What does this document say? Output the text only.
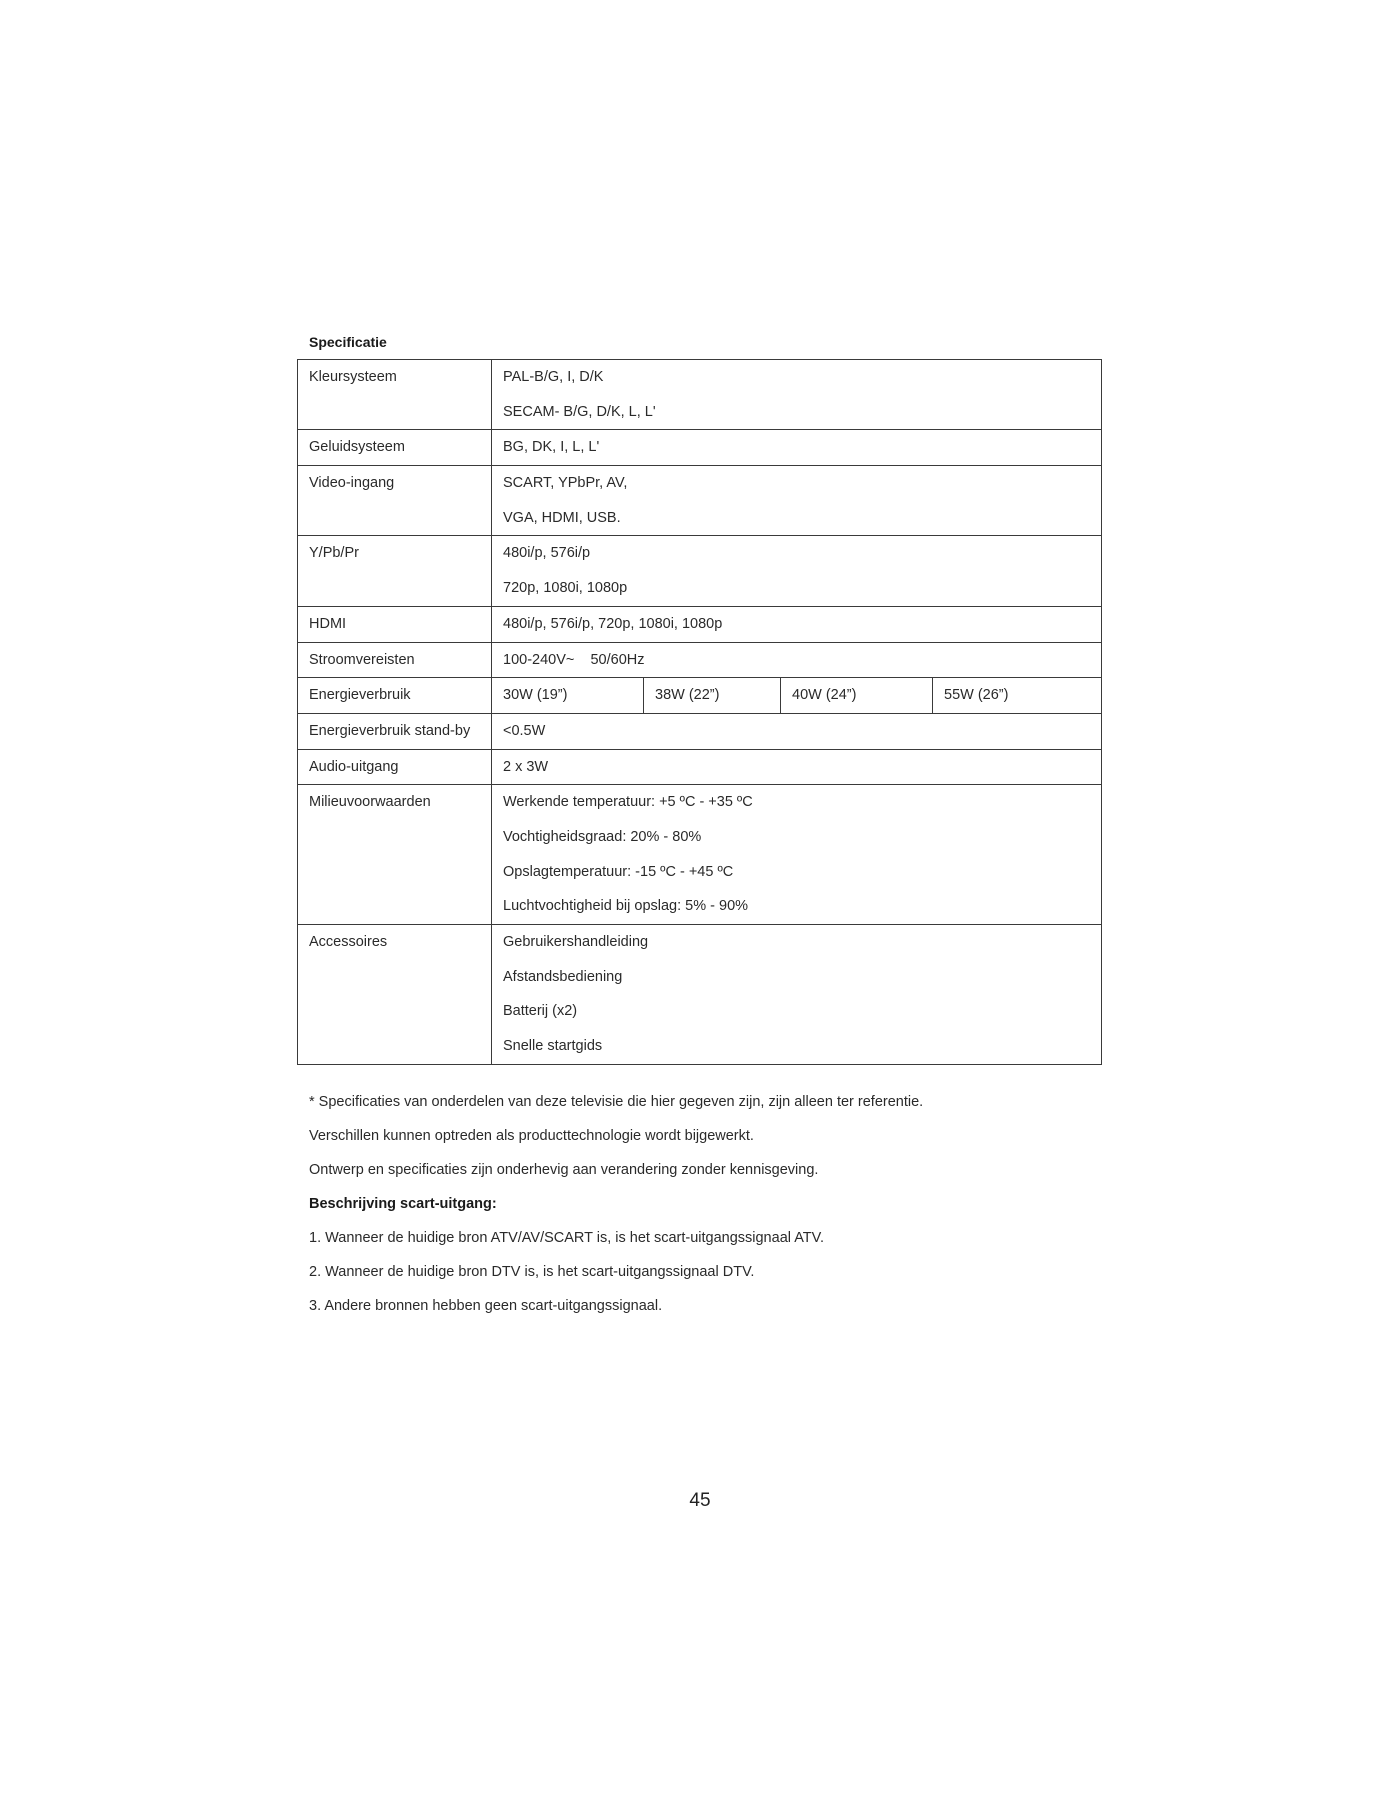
Specificatie
Kleursysteem	PAL-B/G, I, D/K
SECAM- B/G, D/K, L, L'			

Geluidsysteem	BG, DK, I, L, L'			

Video-ingang	SCART, YPbPr, AV,
VGA, HDMI, USB.			

Y/Pb/Pr	480i/p, 576i/p
720p, 1080i, 1080p			

HDMI	480i/p, 576i/p, 720p, 1080i, 1080p			

Stroomvereisten	100-240V~    50/60Hz			

Energieverbruik	30W (19”)	38W (22”)	40W (24”)	55W (26”)

Energieverbruik stand-by	<0.5W			

Audio-uitgang	2 x 3W			

Milieuvoorwaarden	Werkende temperatuur: +5 ºC - +35 ºC
Vochtigheidsgraad: 20% - 80%
Opslagtemperatuur: -15 ºC - +45 ºC
Luchtvochtigheid bij opslag: 5% - 90%			

Accessoires	Gebruikershandleiding
Afstandsbediening
Batterij (x2)
Snelle startgids			
* Specificaties van onderdelen van deze televisie die hier gegeven zijn, zijn alleen ter referentie.
Verschillen kunnen optreden als producttechnologie wordt bijgewerkt.
Ontwerp en specificaties zijn onderhevig aan verandering zonder kennisgeving.
Beschrijving scart-uitgang:
1. Wanneer de huidige bron ATV/AV/SCART is, is het scart-uitgangssignaal ATV.
2. Wanneer de huidige bron DTV is, is het scart-uitgangssignaal DTV.
3. Andere bronnen hebben geen scart-uitgangssignaal.
45
